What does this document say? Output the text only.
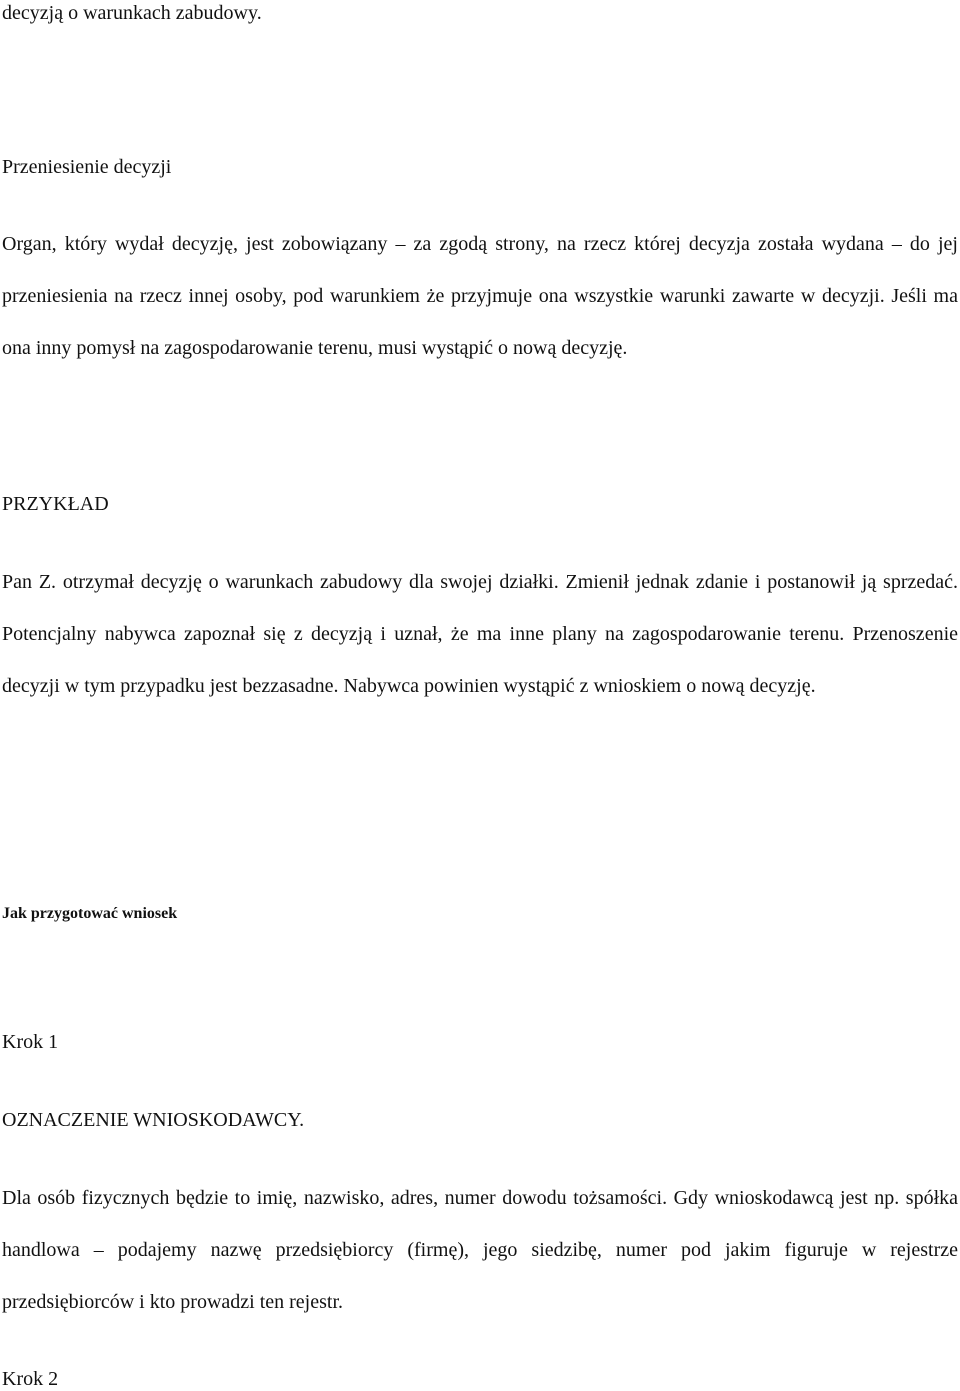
decyzją o warunkach zabudowy.
Przeniesienie decyzji
Organ, który wydał decyzję, jest zobowiązany – za zgodą strony, na rzecz której decyzja została wydana – do jej przeniesienia na rzecz innej osoby, pod warunkiem że przyjmuje ona wszystkie warunki zawarte w decyzji. Jeśli ma ona inny pomysł na zagospodarowanie terenu, musi wystąpić o nową decyzję.
PRZYKŁAD
Pan Z. otrzymał decyzję o warunkach zabudowy dla swojej działki. Zmienił jednak zdanie i postanowił ją sprzedać. Potencjalny nabywca zapoznał się z decyzją i uznał, że ma inne plany na zagospodarowanie terenu. Przenoszenie decyzji w tym przypadku jest bezzasadne. Nabywca powinien wystąpić z wnioskiem o nową decyzję.
Jak przygotować wniosek
Krok 1
OZNACZENIE WNIOSKODAWCY.
Dla osób fizycznych będzie to imię, nazwisko, adres, numer dowodu tożsamości. Gdy wnioskodawcą jest np. spółka handlowa – podajemy nazwę przedsiębiorcy (firmę), jego siedzibę, numer pod jakim figuruje w rejestrze przedsiębiorców i kto prowadzi ten rejestr.
Krok 2
